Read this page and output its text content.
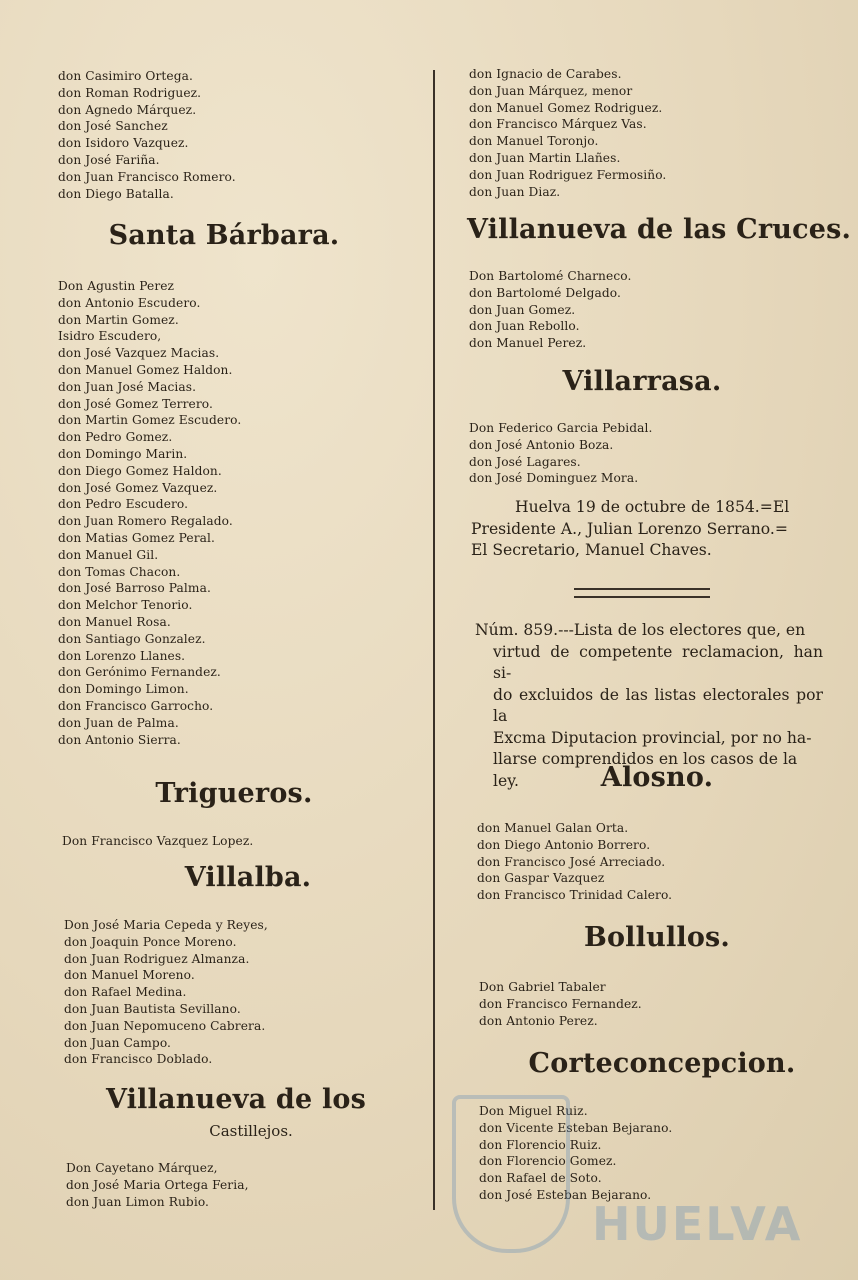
don Casimiro Ortega.
don Roman Rodriguez.
don Agnedo Márquez.
don José Sanchez
don Isidoro Vazquez.
don José Fariña.
don Juan Francisco Romero.
don Diego Batalla.
Santa Bárbara.
Don Agustin Perez
don Antonio Escudero.
don Martin Gomez.
Isidro Escudero,
don José Vazquez Macias.
don Manuel Gomez Haldon.
don Juan José Macias.
don José Gomez Terrero.
don Martin Gomez Escudero.
don Pedro Gomez.
don Domingo Marin.
don Diego Gomez Haldon.
don José Gomez Vazquez.
don Pedro Escudero.
don Juan Romero Regalado.
don Matias Gomez Peral.
don Manuel Gil.
don Tomas Chacon.
don José Barroso Palma.
don Melchor Tenorio.
don Manuel Rosa.
don Santiago Gonzalez.
don Lorenzo Llanes.
don Gerónimo Fernandez.
don Domingo Limon.
don Francisco Garrocho.
don Juan de Palma.
don Antonio Sierra.
Trigueros.
Don Francisco Vazquez Lopez.
Villalba.
Don José Maria Cepeda y Reyes,
don Joaquin Ponce Moreno.
don Juan Rodriguez Almanza.
don Manuel Moreno.
don Rafael Medina.
don Juan Bautista Sevillano.
don Juan Nepomuceno Cabrera.
don Juan Campo.
don Francisco Doblado.
Villanueva de los

Castillejos.

Don Cayetano Márquez,
don José Maria Ortega Feria,
don Juan Limon Rubio.
don Ignacio de Carabes.
don Juan Márquez, menor
don Manuel Gomez Rodriguez.
don Francisco Márquez Vas.
don Manuel Toronjo.
don Juan Martin Llañes.
don Juan Rodriguez Fermosiño.
don Juan Diaz.
Villanueva de las Cruces.
Don Bartolomé Charneco.
don Bartolomé Delgado.
don Juan Gomez.
don Juan Rebollo.
don Manuel Perez.
Villarrasa.
Don Federico Garcia Pebidal.
don José Antonio Boza.
don José Lagares.
don José Dominguez Mora.
Huelva 19 de octubre de 1854.=El
Presidente A., Julian Lorenzo Serrano.=
El Secretario, Manuel Chaves.
Núm. 859.---Lista de los electores que, en
virtud de competente reclamacion, han si-
do excluidos de las listas electorales por la
Excma Diputacion provincial, por no ha-
llarse comprendidos en los casos de la
ley.	Alosno.
don Manuel Galan Orta.
don Diego Antonio Borrero.
don Francisco José Arreciado.
don Gaspar Vazquez
don Francisco Trinidad Calero.
Bollullos.
Don Gabriel Tabaler
don Francisco Fernandez.
don Antonio Perez.
Corteconcepcion.
Don Miguel Ruiz.
don Vicente Esteban Bejarano.
don Florencio Ruiz.
don Florencio Gomez.
don Rafael de Soto.
don José Esteban Bejarano.
HUELVA
